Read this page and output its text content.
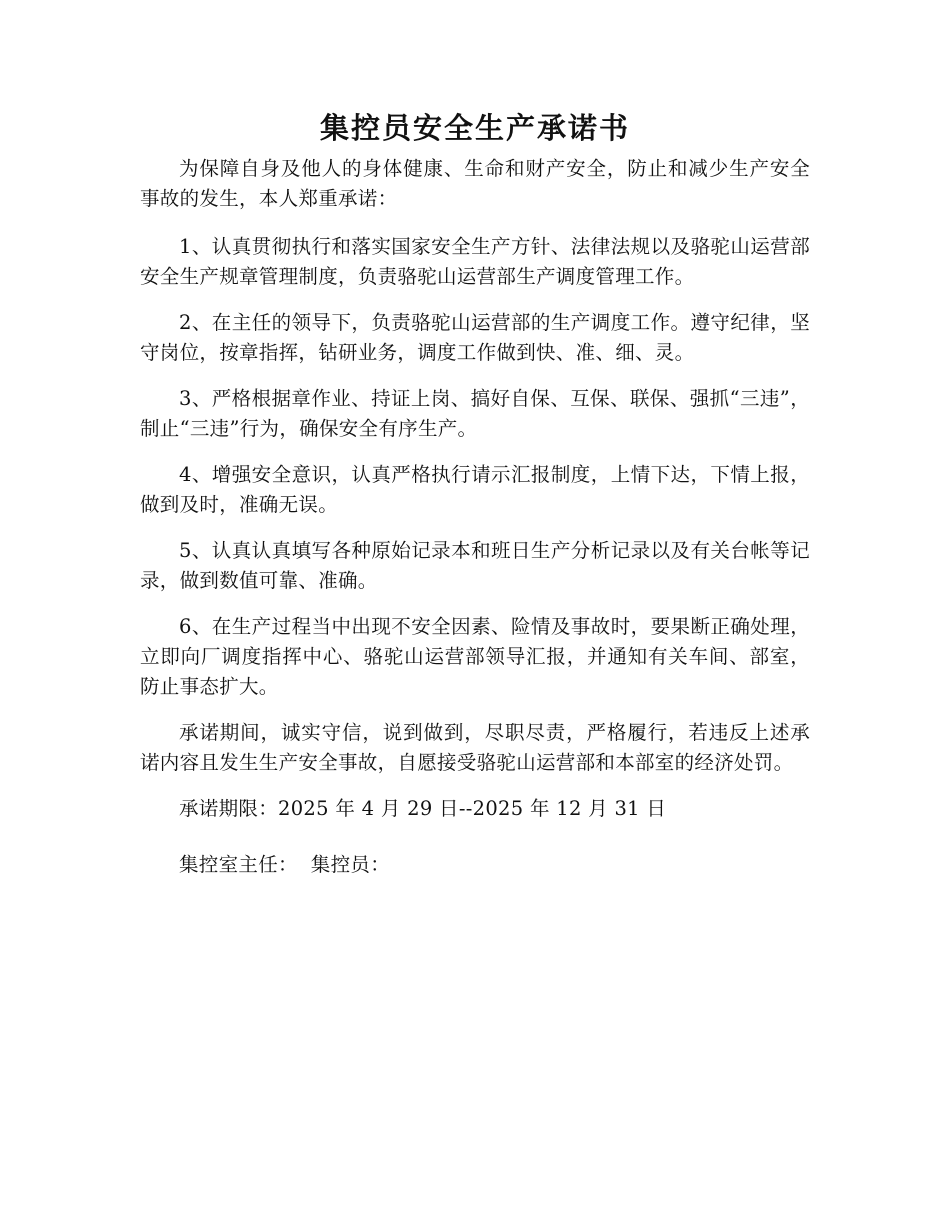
集控员安全生产承诺书

为保障自身及他人的身体健康、生命和财产安全，防止和减少生产安全事故的发生，本人郑重承诺：

1、认真贯彻执行和落实国家安全生产方针、法律法规以及骆驼山运营部安全生产规章管理制度，负责骆驼山运营部生产调度管理工作。

2、在主任的领导下，负责骆驼山运营部的生产调度工作。遵守纪律，坚守岗位，按章指挥，钻研业务，调度工作做到快、准、细、灵。

3、严格根据章作业、持证上岗、搞好自保、互保、联保、强抓“三违”，制止“三违”行为，确保安全有序生产。

4、增强安全意识，认真严格执行请示汇报制度，上情下达，下情上报，做到及时，准确无误。

5、认真认真填写各种原始记录本和班日生产分析记录以及有关台帐等记录，做到数值可靠、准确。

6、在生产过程当中出现不安全因素、险情及事故时，要果断正确处理，立即向厂调度指挥中心、骆驼山运营部领导汇报，并通知有关车间、部室，防止事态扩大。

承诺期间，诚实守信，说到做到，尽职尽责，严格履行，若违反上述承诺内容且发生生产安全事故，自愿接受骆驼山运营部和本部室的经济处罚。

承诺期限：2025 年 4 月 29 日--2025 年 12 月 31 日

集控室主任：  集控员：
